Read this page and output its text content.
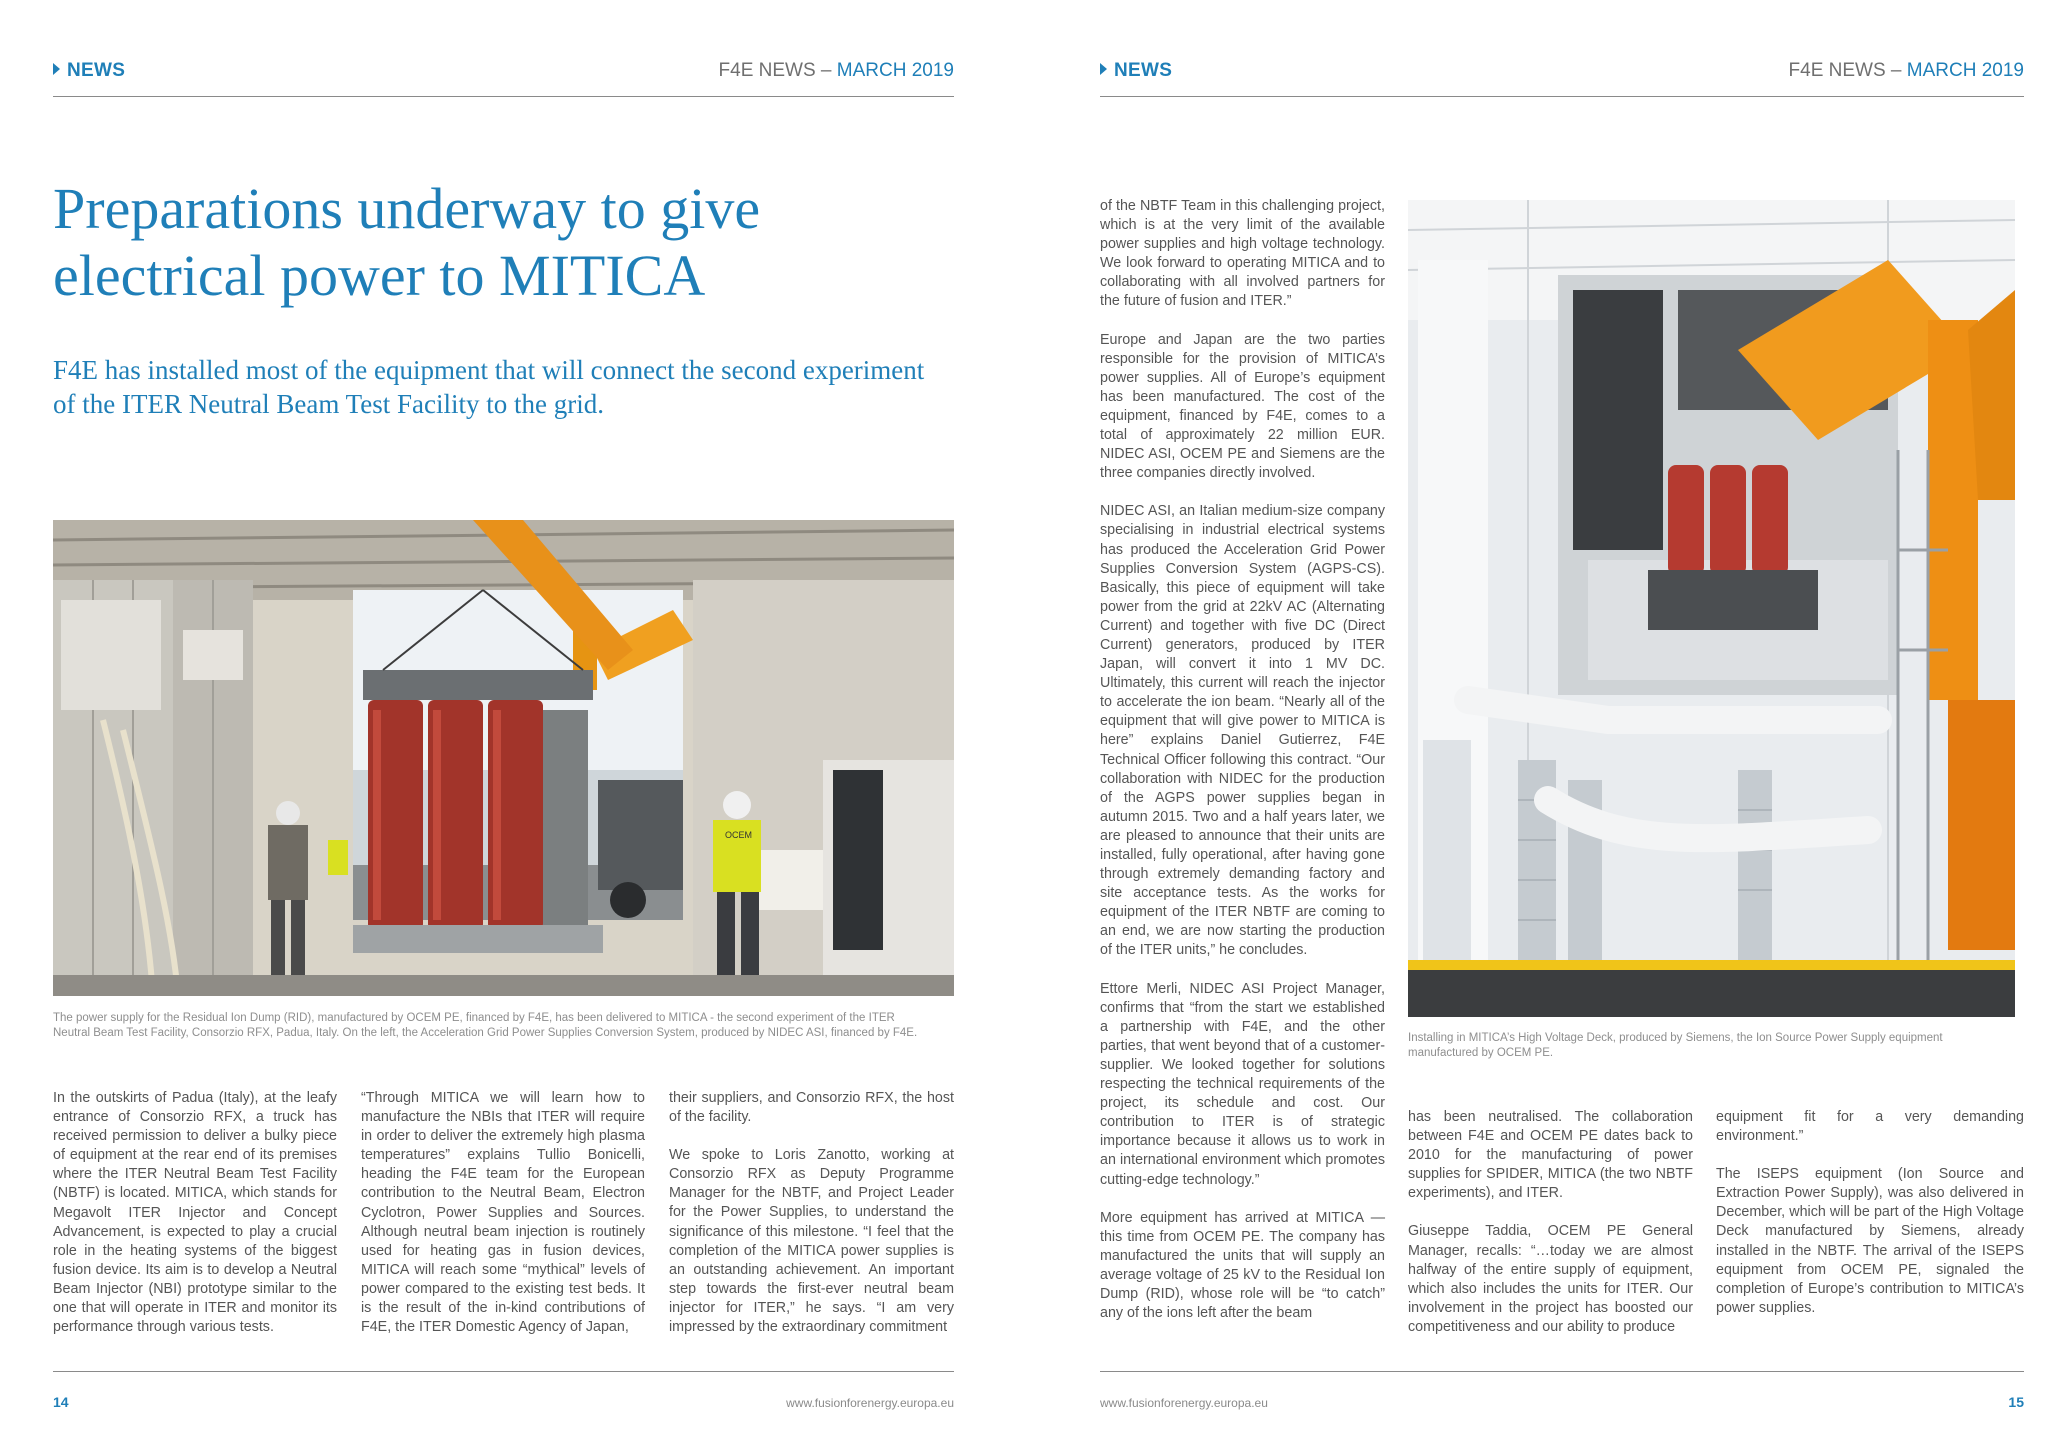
NEWS	F4E NEWS – MARCH 2019
Preparations underway to give electrical power to MITICA

F4E has installed most of the equipment that will connect the second experiment of the ITER Neutral Beam Test Facility to the grid.

OCEM
The power supply for the Residual Ion Dump (RID), manufactured by OCEM PE, financed by F4E, has been delivered to MITICA - the second experiment of the ITER Neutral Beam Test Facility, Consorzio RFX, Padua, Italy. On the left, the Acceleration Grid Power Supplies Conversion System, produced by NIDEC ASI, financed by F4E.

In the outskirts of Padua (Italy), at the leafy entrance of Consorzio RFX, a truck has received permission to deliver a bulky piece of equipment at the rear end of its premises where the ITER Neutral Beam Test Facility (NBTF) is located. MITICA, which stands for Megavolt ITER Injector and Concept Advancement, is expected to play a crucial role in the heating systems of the biggest fusion device. Its aim is to develop a Neutral Beam Injector (NBI) prototype similar to the one that will operate in ITER and monitor its performance through various tests.

“Through MITICA we will learn how to manufacture the NBIs that ITER will require in order to deliver the extremely high plasma temperatures” explains Tullio Bonicelli, heading the F4E team for the European contribution to the Neutral Beam, Electron Cyclotron, Power Supplies and Sources. Although neutral beam injection is routinely used for heating gas in fusion devices, MITICA will reach some “mythical” levels of power compared to the existing test beds. It is the result of the in-kind contributions of F4E, the ITER Domestic Agency of Japan,

their suppliers, and Consorzio RFX, the host of the facility.

We spoke to Loris Zanotto, working at Consorzio RFX as Deputy Programme Manager for the NBTF, and Project Leader for the Power Supplies, to understand the significance of this milestone. “I feel that the completion of the MITICA power supplies is an outstanding achievement. An important step towards the first-ever neutral beam injector for ITER,” he says. “I am very impressed by the extraordinary commitment

14	www.fusionforenergy.europa.eu
NEWS	F4E NEWS – MARCH 2019

of the NBTF Team in this challenging project, which is at the very limit of the available power supplies and high voltage technology. We look forward to operating MITICA and to collaborating with all involved partners for the future of fusion and ITER.”

Europe and Japan are the two parties responsible for the provision of MITICA’s power supplies. All of Europe’s equipment has been manufactured. The cost of the equipment, financed by F4E, comes to a total of approximately 22 million EUR. NIDEC ASI, OCEM PE and Siemens are the three companies directly involved.

NIDEC ASI, an Italian medium-size company specialising in industrial electrical systems has produced the Acceleration Grid Power Supplies Conversion System (AGPS-CS). Basically, this piece of equipment will take power from the grid at 22kV AC (Alternating Current) and together with five DC (Direct Current) generators, produced by ITER Japan, will convert it into 1 MV DC. Ultimately, this current will reach the injector to accelerate the ion beam. “Nearly all of the equipment that will give power to MITICA is here” explains Daniel Gutierrez, F4E Technical Officer following this contract. “Our collaboration with NIDEC for the production of the AGPS power supplies began in autumn 2015. Two and a half years later, we are pleased to announce that their units are installed, fully operational, after having gone through extremely demanding factory and site acceptance tests. As the works for equipment of the ITER NBTF are coming to an end, we are now starting the production of the ITER units,” he concludes.

Ettore Merli, NIDEC ASI Project Manager, confirms that “from the start we established a partnership with F4E, and the other parties, that went beyond that of a customer-supplier. We looked together for solutions respecting the technical requirements of the project, its schedule and cost. Our contribution to ITER is of strategic importance because it allows us to work in an international environment which promotes cutting-edge technology.”

More equipment has arrived at MITICA — this time from OCEM PE. The company has manufactured the units that will supply an average voltage of 25 kV to the Residual Ion Dump (RID), whose role will be “to catch” any of the ions left after the beam

Installing in MITICA’s High Voltage Deck, produced by Siemens, the Ion Source Power Supply equipment manufactured by OCEM PE.

has been neutralised. The collaboration between F4E and OCEM PE dates back to 2010 for the manufacturing of power supplies for SPIDER, MITICA (the two NBTF experiments), and ITER.

Giuseppe Taddia, OCEM PE General Manager, recalls: “…today we are almost halfway of the entire supply of equipment, which also includes the units for ITER. Our involvement in the project has boosted our competitiveness and our ability to produce

equipment fit for a very demanding environment.”

The ISEPS equipment (Ion Source and Extraction Power Supply), was also delivered in December, which will be part of the High Voltage Deck manufactured by Siemens, already installed in the NBTF. The arrival of the ISEPS equipment from OCEM PE, signaled the completion of Europe’s contribution to MITICA’s power supplies.

www.fusionforenergy.europa.eu	15
